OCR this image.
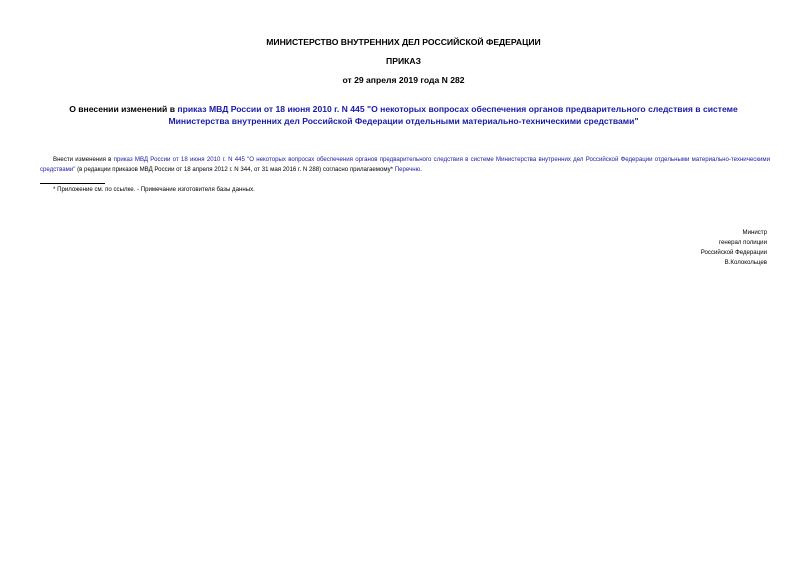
МИНИСТЕРСТВО ВНУТРЕННИХ ДЕЛ РОССИЙСКОЙ ФЕДЕРАЦИИ
ПРИКАЗ
от 29 апреля 2019 года N 282
О внесении изменений в приказ МВД России от 18 июня 2010 г. N 445 "О некоторых вопросах обеспечения органов предварительного следствия в системе Министерства внутренних дел Российской Федерации отдельными материально-техническими средствами"
Внести изменения в приказ МВД России от 18 июня 2010 г. N 445 "О некоторых вопросах обеспечения органов предварительного следствия в системе Министерства внутренних дел Российской Федерации отдельными материально-техническими средствами" (в редакции приказов МВД России от 18 апреля 2012 г. N 344, от 31 мая 2016 г. N 288) согласно прилагаемому* Перечню.
* Приложение см. по ссылке. - Примечание изготовителя базы данных.
Министр
генерал полиции
Российской Федерации
В.Колокольцев
